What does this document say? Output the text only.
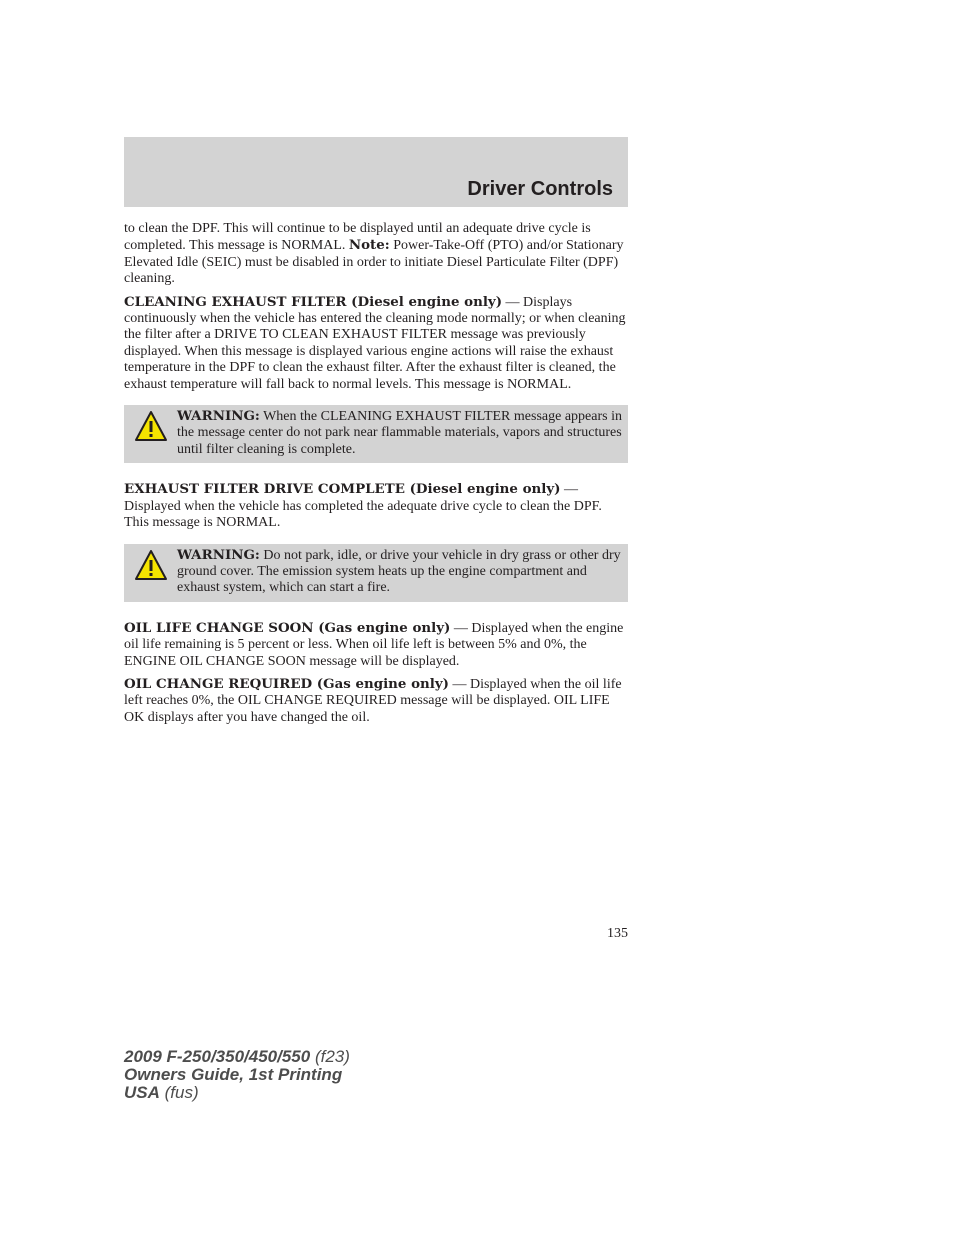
Driver Controls

to clean the DPF. This will continue to be displayed until an adequate drive cycle is completed. This message is NORMAL. Note: Power-Take-Off (PTO) and/or Stationary Elevated Idle (SEIC) must be disabled in order to initiate Diesel Particulate Filter (DPF) cleaning.

CLEANING EXHAUST FILTER (Diesel engine only) — Displays continuously when the vehicle has entered the cleaning mode normally; or when cleaning the filter after a DRIVE TO CLEAN EXHAUST FILTER message was previously displayed. When this message is displayed various engine actions will raise the exhaust temperature in the DPF to clean the exhaust filter. After the exhaust filter is cleaned, the exhaust temperature will fall back to normal levels. This message is NORMAL.

WARNING: When the CLEANING EXHAUST FILTER message appears in the message center do not park near flammable materials, vapors and structures until filter cleaning is complete.

EXHAUST FILTER DRIVE COMPLETE (Diesel engine only) — Displayed when the vehicle has completed the adequate drive cycle to clean the DPF. This message is NORMAL.

WARNING: Do not park, idle, or drive your vehicle in dry grass or other dry ground cover. The emission system heats up the engine compartment and exhaust system, which can start a fire.

OIL LIFE CHANGE SOON (Gas engine only) — Displayed when the engine oil life remaining is 5 percent or less. When oil life left is between 5% and 0%, the ENGINE OIL CHANGE SOON message will be displayed.

OIL CHANGE REQUIRED (Gas engine only) — Displayed when the oil life left reaches 0%, the OIL CHANGE REQUIRED message will be displayed. OIL LIFE OK displays after you have changed the oil.

135
2009 F-250/350/450/550 (f23)
Owners Guide, 1st Printing
USA (fus)
